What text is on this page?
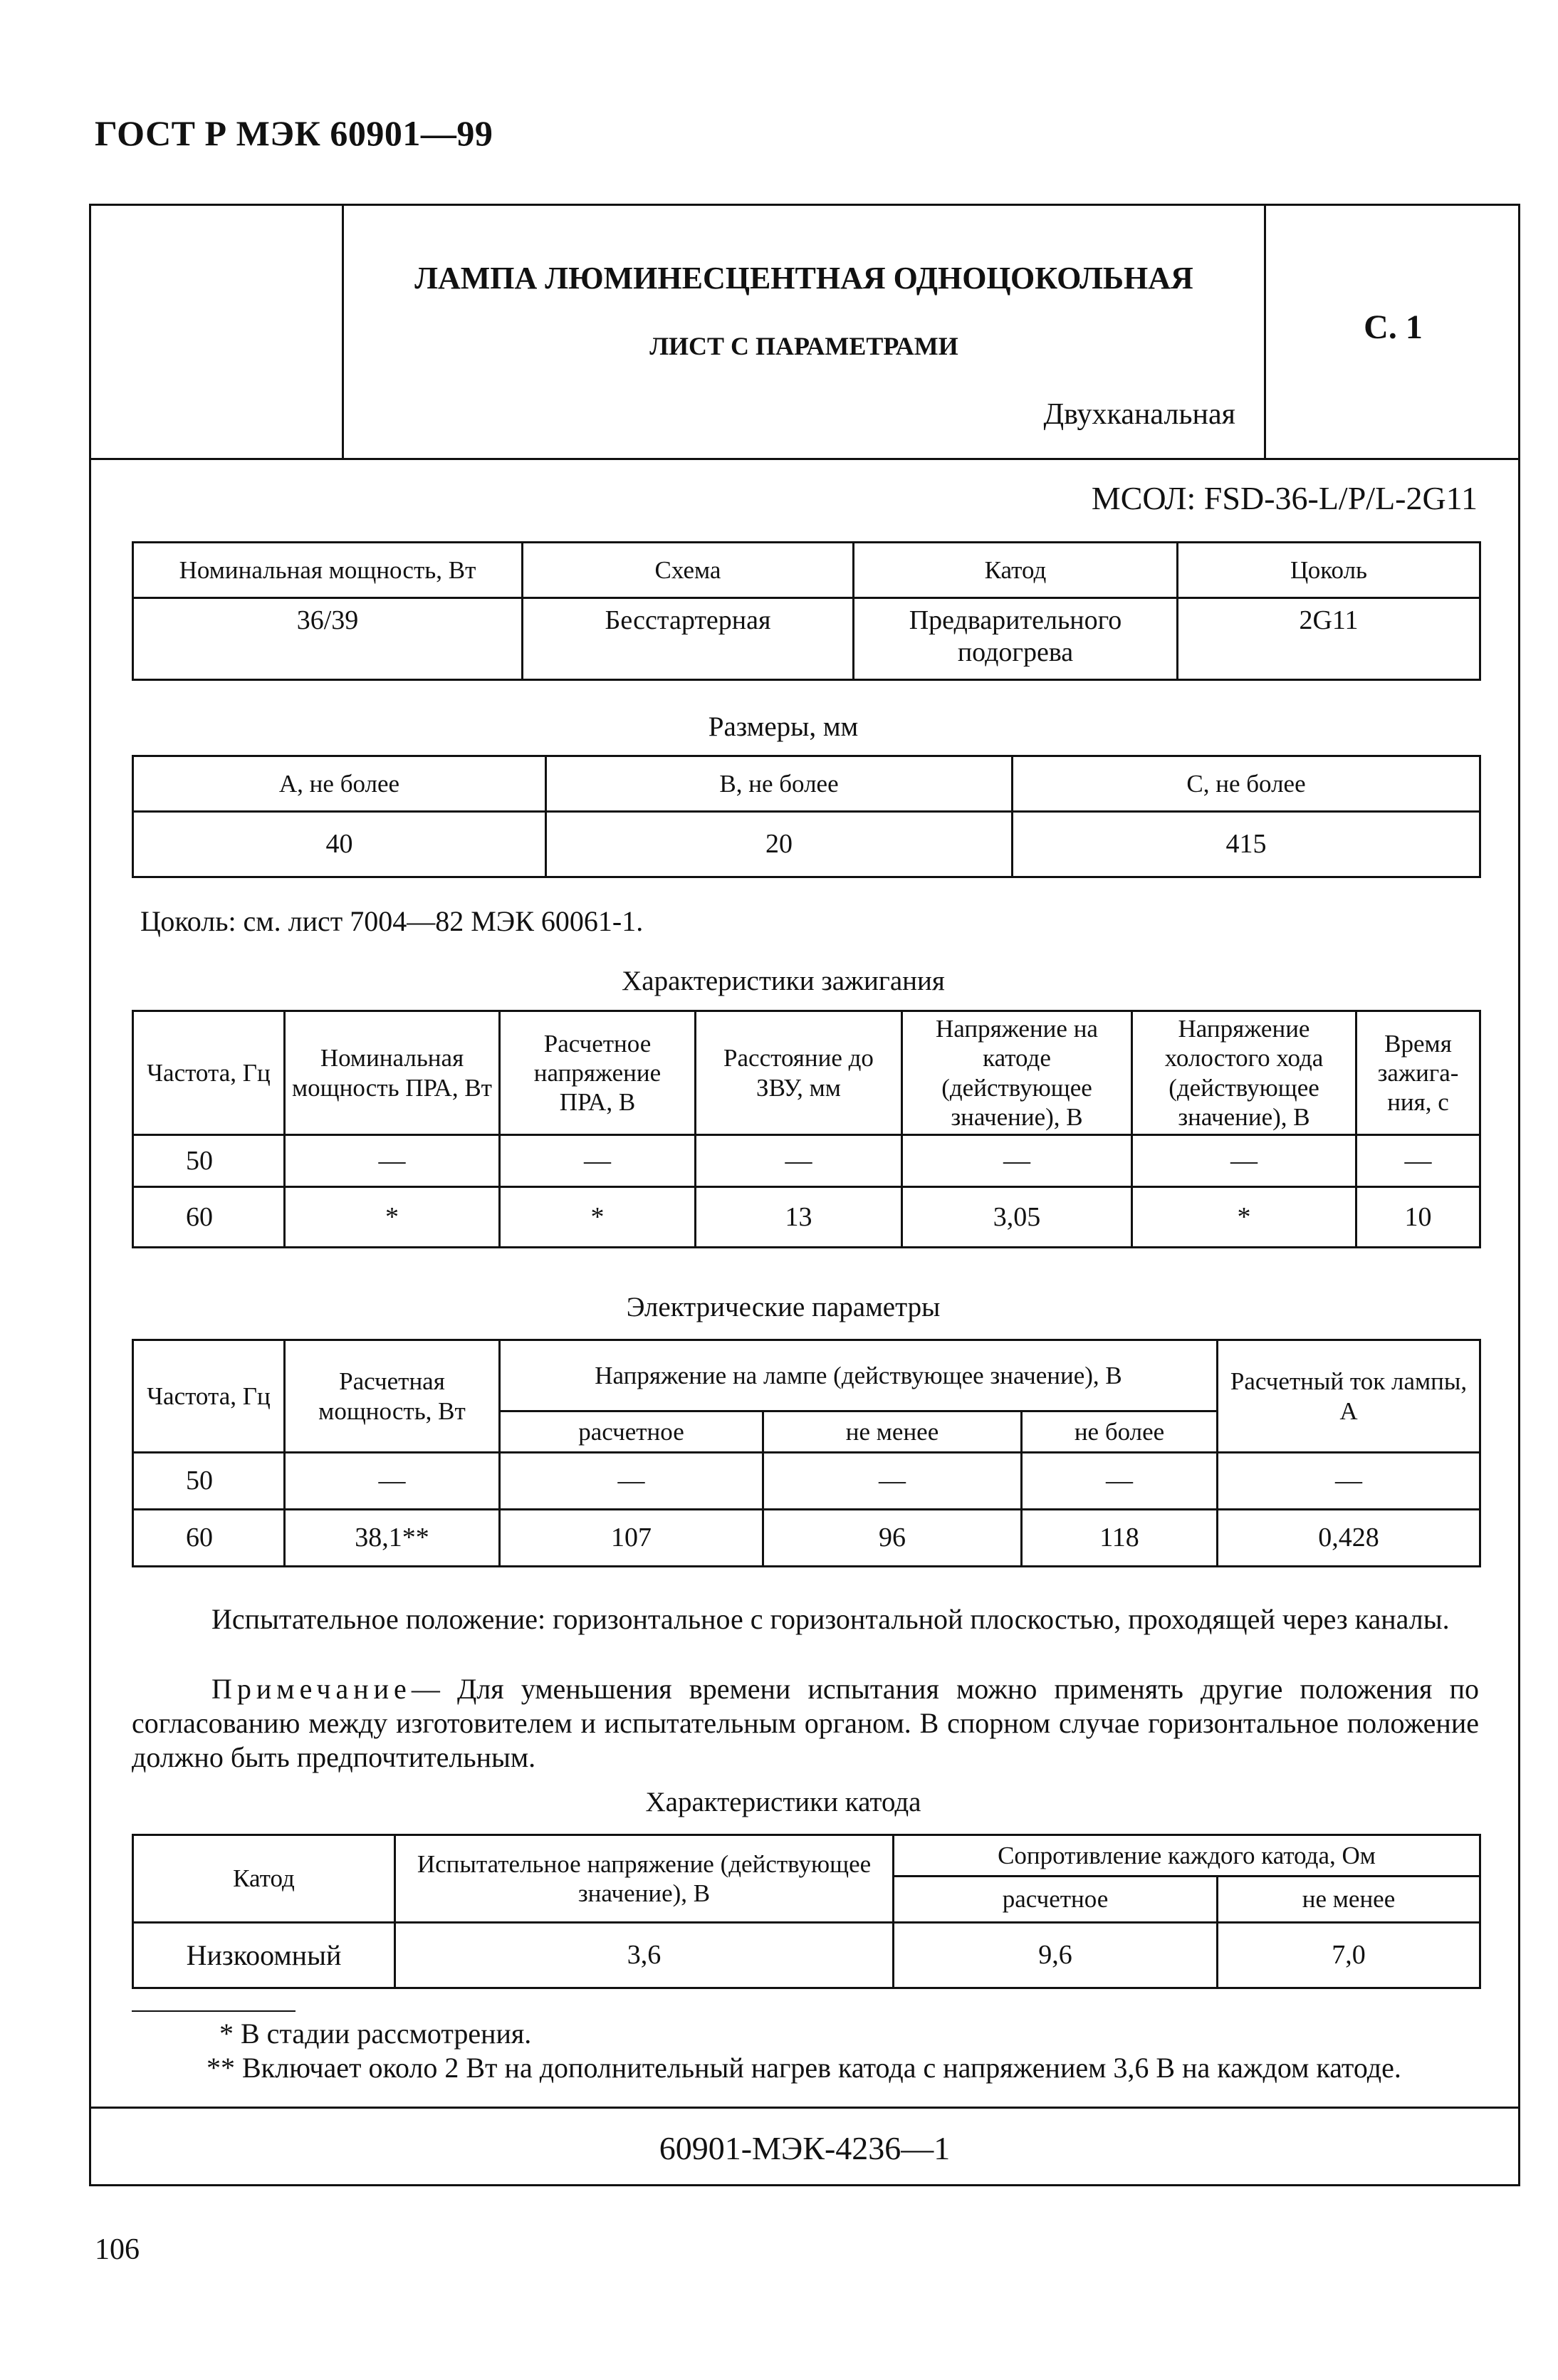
ГОСТ Р МЭК 60901—99
ЛАМПА ЛЮМИНЕСЦЕНТНАЯ ОДНОЦОКОЛЬНАЯ
ЛИСТ С ПАРАМЕТРАМИ
Двухканальная
С. 1
МСОЛ: FSD-36-L/P/L-2G11
Номинальная мощность, Вт	Схема	Катод	Цоколь
36/39	Бесстартерная	Предварительного подогрева	2G11
Размеры, мм
A, не более	B, не более	C, не более
40	20	415
Цоколь: см. лист 7004—82 МЭК 60061-1.
Характеристики зажигания
Частота, Гц	Номинальная мощность ПРА, Вт	Расчетное напряжение ПРА, В	Расстояние до ЗВУ, мм	Напряжение на катоде (действующее значение), В	Напряжение холостого хода (действующее значение), В	Время зажига-ния, с
50	—	—	—	—	—	—
60	*	*	13	3,05	*	10
Электрические параметры
Частота, Гц	Расчетная мощность, Вт	Напряжение на лампе (действующее значение), В			Расчетный ток лампы, А
		расчетное	не менее	не более	
50	—	—	—	—	—
60	38,1**	107	96	118	0,428
Испытательное положение: горизонтальное с горизонтальной плоскостью, проходящей через каналы.
Примечание— Для уменьшения времени испытания можно применять другие положения по согласованию между изготовителем и испытательным органом. В спорном случае горизонтальное положение должно быть предпочтительным.
Характеристики катода
Катод	Испытательное напряжение (действующее значение), В	Сопротивление каждого катода, Ом	
		расчетное	не менее
Низкоомный	3,6	9,6	7,0
* В стадии рассмотрения.
** Включает около 2 Вт на дополнительный нагрев катода с напряжением 3,6 В на каждом катоде.
60901-МЭК-4236—1
106
